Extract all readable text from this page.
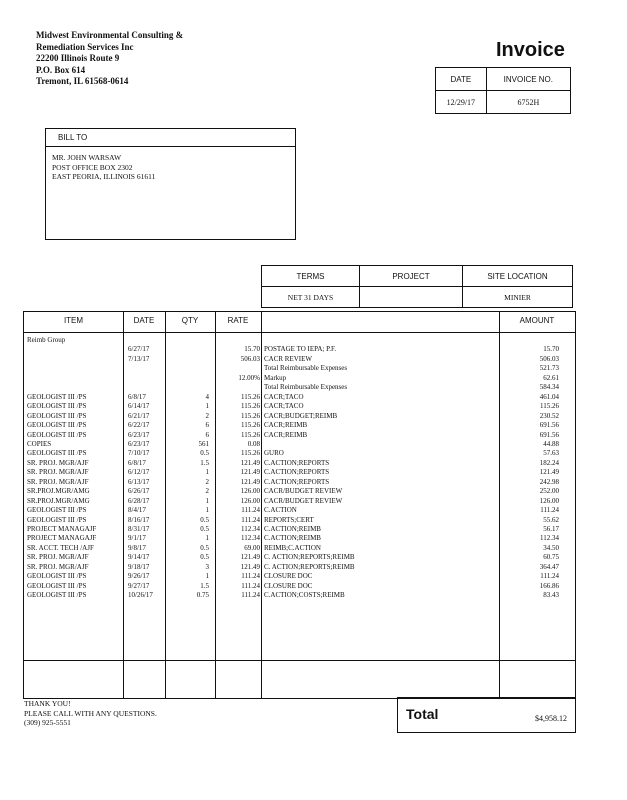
Midwest Environmental Consulting &
Remediation Services Inc
22200 Illinois Route 9
P.O. Box 614
Tremont, IL 61568-0614
Invoice
DATE	INVOICE NO.
12/29/17	6752H
BILL TO
MR. JOHN WARSAW
POST OFFICE BOX 2302
EAST PEORIA, ILLINOIS 61611
TERMS	PROJECT	SITE LOCATION
NET 31 DAYS		MINIER
ITEM	DATE	QTY	RATE	AMOUNT
Reimb Group
6/27/17	15.70 POSTAGE TO IEPA; P.F.	15.70
7/13/17	506.03 CACR REVIEW	506.03
Total Reimbursable Expenses	521.73
12.00% Markup	62.61
Total Reimbursable Expenses	584.34
GEOLOGIST III /PS	6/8/17	4	115.26 CACR;TACO	461.04
GEOLOGIST III /PS	6/14/17	1	115.26 CACR;TACO	115.26
GEOLOGIST III /PS	6/21/17	2	115.26 CACR;BUDGET;REIMB	230.52
GEOLOGIST III /PS	6/22/17	6	115.26 CACR;REIMB	691.56
GEOLOGIST III /PS	6/23/17	6	115.26 CACR;REIMB	691.56
COPIES	6/23/17	561	0.08	44.88
GEOLOGIST III /PS	7/10/17	0.5	115.26 GURO	57.63
SR. PROJ. MGR/AJF	6/8/17	1.5	121.49 C.ACTION;REPORTS	182.24
SR. PROJ. MGR/AJF	6/12/17	1	121.49 C.ACTION;REPORTS	121.49
SR. PROJ. MGR/AJF	6/13/17	2	121.49 C.ACTION;REPORTS	242.98
SR.PROJ.MGR/AMG	6/26/17	2	126.00 CACR/BUDGET REVIEW	252.00
SR.PROJ.MGR/AMG	6/28/17	1	126.00 CACR/BUDGET REVIEW	126.00
GEOLOGIST III /PS	8/4/17	1	111.24 C.ACTION	111.24
GEOLOGIST III /PS	8/16/17	0.5	111.24 REPORTS;CERT	55.62
PROJECT MANAGAJF	8/31/17	0.5	112.34 C.ACTION;REIMB	56.17
PROJECT MANAGAJF	9/1/17	1	112.34 C.ACTION;REIMB	112.34
SR. ACCT. TECH /AJF	9/8/17	0.5	69.00 REIMB;C.ACTION	34.50
SR. PROJ. MGR/AJF	9/14/17	0.5	121.49 C. ACTION;REPORTS;REIMB	60.75
SR. PROJ. MGR/AJF	9/18/17	3	121.49 C. ACTION;REPORTS;REIMB	364.47
GEOLOGIST III /PS	9/26/17	1	111.24 CLOSURE DOC	111.24
GEOLOGIST III /PS	9/27/17	1.5	111.24 CLOSURE DOC	166.86
GEOLOGIST III /PS	10/26/17	0.75	111.24 C.ACTION;COSTS;REIMB	83.43
THANK YOU!
PLEASE CALL WITH ANY QUESTIONS.
(309) 925-5551
Total	$4,958.12
